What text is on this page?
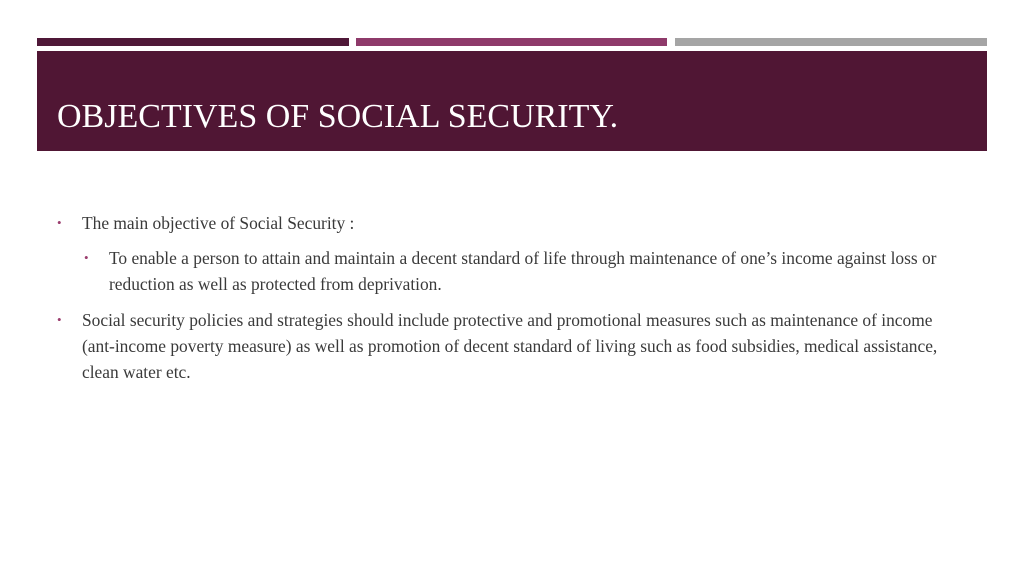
OBJECTIVES OF SOCIAL SECURITY.
• The main objective of Social Security :
• To enable a person to attain and maintain a decent standard of life through maintenance of one’s income against loss or reduction as well as protected from deprivation.
• Social security policies and strategies should include protective and promotional measures such as maintenance of income (ant-income poverty measure) as well as promotion of decent standard of living such as food subsidies, medical assistance, clean water etc.
